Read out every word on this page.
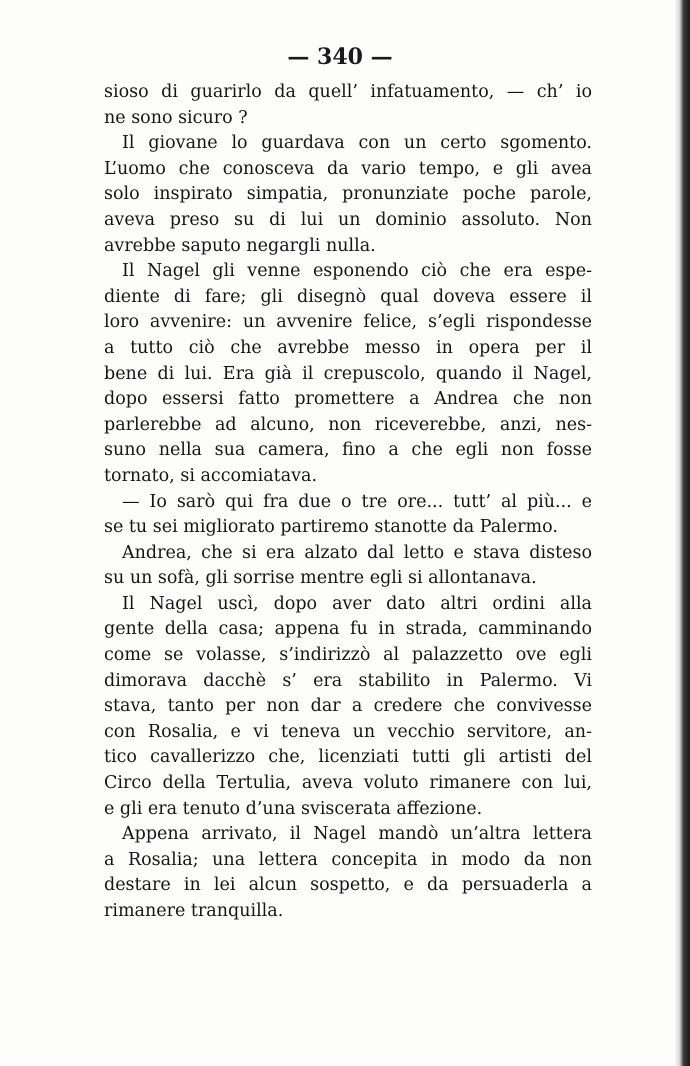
— 340 —
sioso di guarirlo da quell’ infatuamento, — ch’ io
ne sono sicuro ?
Il giovane lo guardava con un certo sgomento.
L’uomo che conosceva da vario tempo, e gli avea
solo inspirato simpatia, pronunziate poche parole,
aveva preso su di lui un dominio assoluto. Non
avrebbe saputo negargli nulla.
Il Nagel gli venne esponendo ciò che era espe-
diente di fare; gli disegnò qual doveva essere il
loro avvenire: un avvenire felice, s’egli rispondesse
a tutto ciò che avrebbe messo in opera per il
bene di lui. Era già il crepuscolo, quando il Nagel,
dopo essersi fatto promettere a Andrea che non
parlerebbe ad alcuno, non riceverebbe, anzi, nes-
suno nella sua camera, fino a che egli non fosse
tornato, si accomiatava.
— Io sarò qui fra due o tre ore... tutt’ al più... e
se tu sei migliorato partiremo stanotte da Palermo.
Andrea, che si era alzato dal letto e stava disteso
su un sofà, gli sorrise mentre egli si allontanava.
Il Nagel uscì, dopo aver dato altri ordini alla
gente della casa; appena fu in strada, camminando
come se volasse, s’indirizzò al palazzetto ove egli
dimorava dacchè s’ era stabilito in Palermo. Vi
stava, tanto per non dar a credere che convivesse
con Rosalia, e vi teneva un vecchio servitore, an-
tico cavallerizzo che, licenziati tutti gli artisti del
Circo della Tertulia, aveva voluto rimanere con lui,
e gli era tenuto d’una sviscerata affezione.
Appena arrivato, il Nagel mandò un’altra lettera
a Rosalia; una lettera concepita in modo da non
destare in lei alcun sospetto, e da persuaderla a
rimanere tranquilla.
